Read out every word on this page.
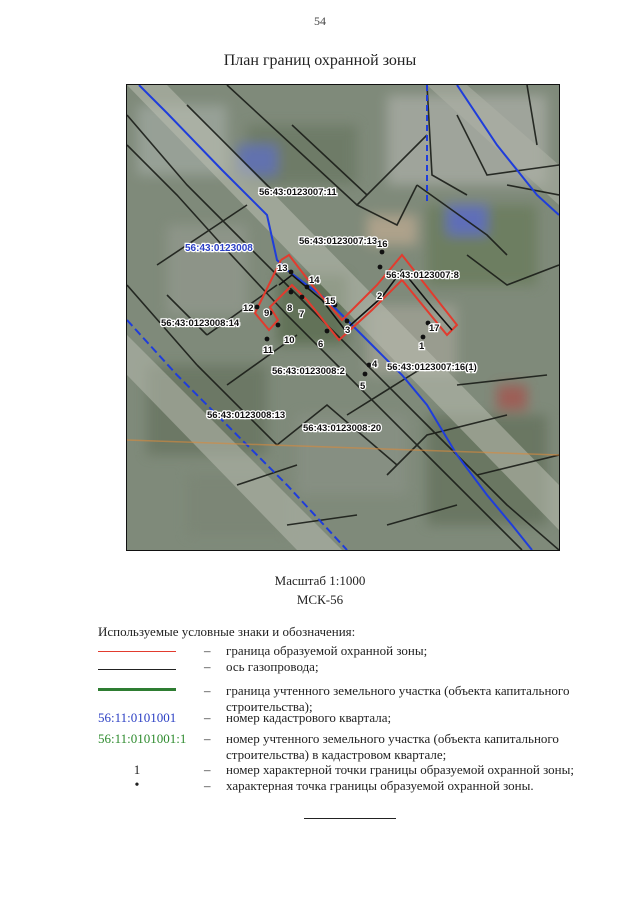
54
План границ охранной зоны
56:43:0123008
56:43:0123007:11
56:43:0123007:13
56:43:0123007:8
56:43:0123007:16(1)
56:43:0123008:14
56:43:0123008:2
56:43:0123008:13
56:43:0123008:20
1
2
3
4
5
6
7
8
9
10
11
12
13
14
15
16
17
Масштаб 1:1000
МСК-56
Используемые условные знаки и обозначения:
– граница образуемой охранной зоны;
– ось газопровода;
– граница учтенного земельного участка (объекта капитального строительства);
56:11:0101001 – номер кадастрового квартала;
56:11:0101001:1 – номер учтенного земельного участка (объекта капитального строительства) в кадастровом квартале;
1	– номер характерной точки границы образуемой охранной зоны;
•	– характерная точка границы образуемой охранной зоны.
